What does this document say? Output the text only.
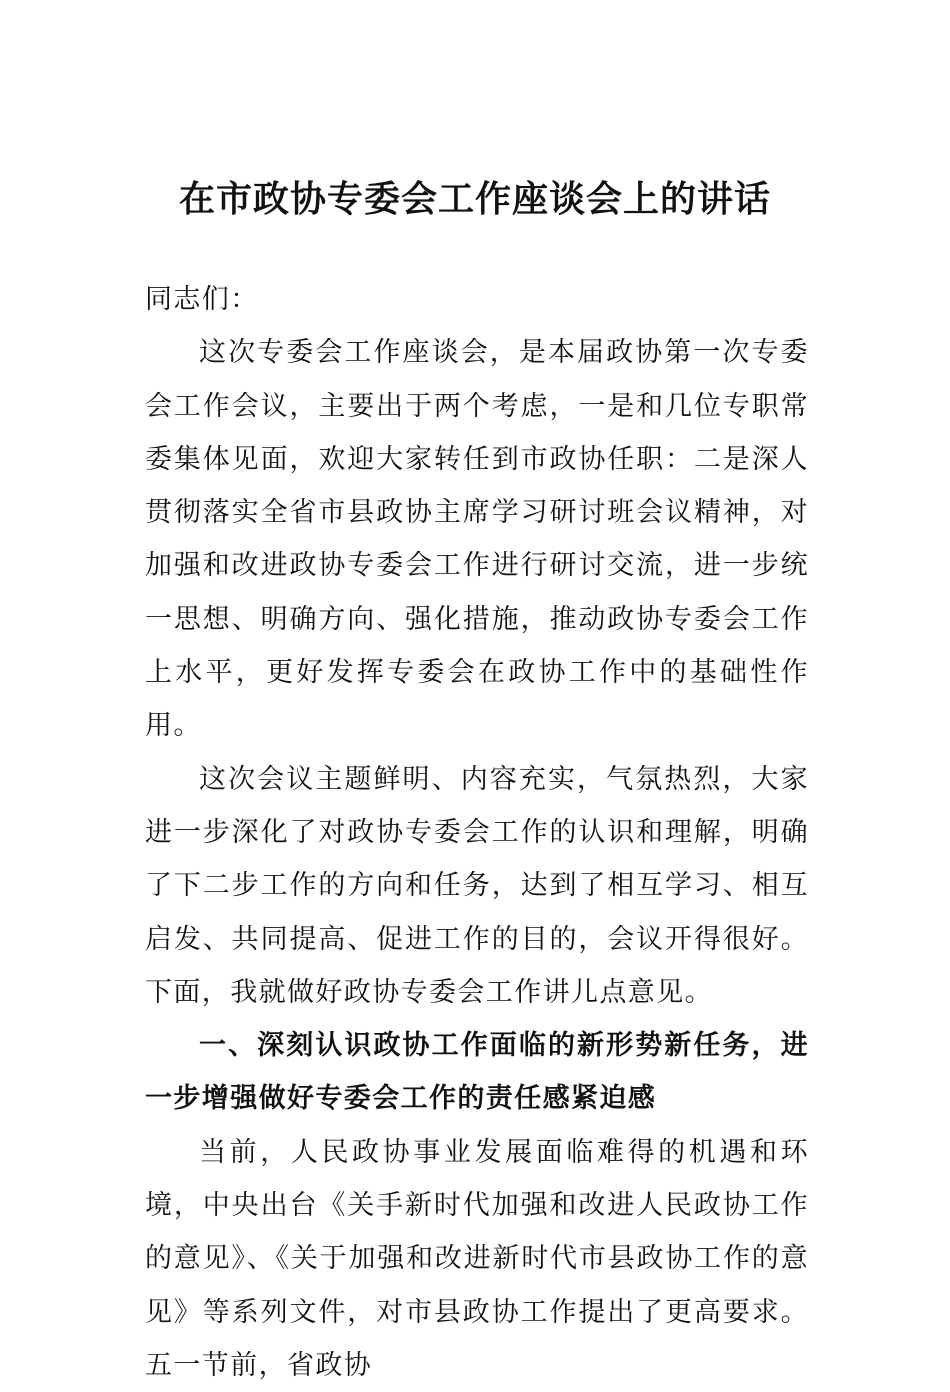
在市政协专委会工作座谈会上的讲话

同志们：

这次专委会工作座谈会，是本届政协第一次专委会工作会议，主要出于两个考虑，一是和几位专职常委集体见面，欢迎大家转任到市政协任职：二是深人贯彻落实全省市县政协主席学习研讨班会议精神，对加强和改进政协专委会工作进行研讨交流，进一步统一思想、明确方向、强化措施，推动政协专委会工作上水平，更好发挥专委会在政协工作中的基础性作用。

这次会议主题鲜明、内容充实，气氛热烈，大家进一步深化了对政协专委会工作的认识和理解，明确了下二步工作的方向和任务，达到了相互学习、相互启发、共同提高、促进工作的目的，会议开得很好。下面，我就做好政协专委会工作讲儿点意见。

一、深刻认识政协工作面临的新形势新任务，进一步增强做好专委会工作的责任感紧迫感

当前，人民政协事业发展面临难得的机遇和环境，中央出台《关手新时代加强和改进人民政协工作的意见》、《关于加强和改进新时代市县政协工作的意见》等系列文件，对市县政协工作提出了更高要求。五一节前，省政协
